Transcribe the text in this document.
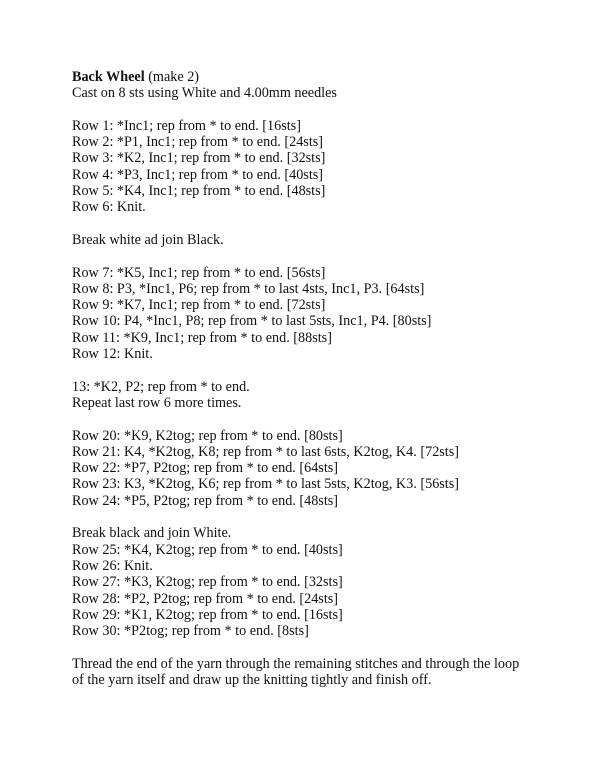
Back Wheel (make 2)
Cast on 8 sts using White and 4.00mm needles
Row 1: *Inc1; rep from * to end. [16sts]
Row 2: *P1, Inc1; rep from * to end. [24sts]
Row 3: *K2, Inc1; rep from * to end. [32sts]
Row 4: *P3, Inc1; rep from * to end. [40sts]
Row 5: *K4, Inc1; rep from * to end. [48sts]
Row 6: Knit.
Break white ad join Black.
Row 7: *K5, Inc1; rep from * to end. [56sts]
Row 8: P3, *Inc1, P6; rep from * to last 4sts, Inc1, P3. [64sts]
Row 9: *K7, Inc1; rep from * to end. [72sts]
Row 10: P4, *Inc1, P8; rep from * to last 5sts, Inc1, P4. [80sts]
Row 11: *K9, Inc1; rep from * to end. [88sts]
Row 12: Knit.
13: *K2, P2; rep from * to end.
Repeat last row 6 more times.
Row 20: *K9, K2tog; rep from * to end. [80sts]
Row 21: K4, *K2tog, K8; rep from * to last 6sts, K2tog, K4. [72sts]
Row 22: *P7, P2tog; rep from * to end. [64sts]
Row 23: K3, *K2tog, K6; rep from * to last 5sts, K2tog, K3. [56sts]
Row 24: *P5, P2tog; rep from * to end. [48sts]
Break black and join White.
Row 25: *K4, K2tog; rep from * to end. [40sts]
Row 26: Knit.
Row 27: *K3, K2tog; rep from * to end. [32sts]
Row 28: *P2, P2tog; rep from * to end. [24sts]
Row 29: *K1, K2tog; rep from * to end. [16sts]
Row 30: *P2tog; rep from * to end. [8sts]
Thread the end of the yarn through the remaining stitches and through the loop
of the yarn itself and draw up the knitting tightly and finish off.
